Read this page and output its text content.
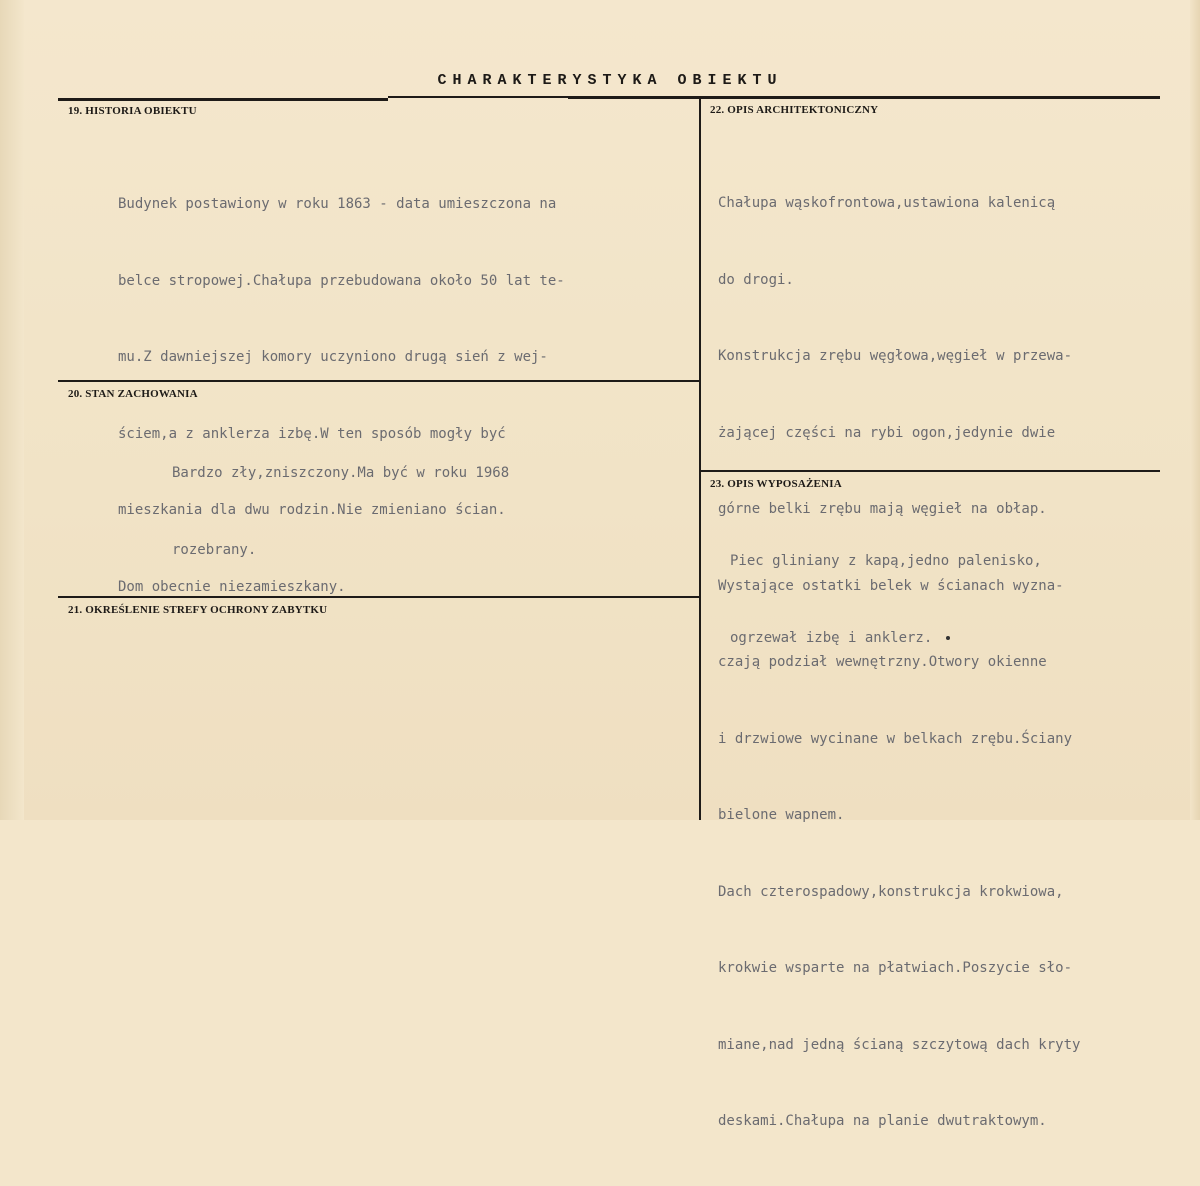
CHARAKTERYSTYKA OBIEKTU
19. HISTORIA OBIEKTU

Budynek postawiony w roku 1863 - data umieszczona na

belce stropowej.Chałupa przebudowana około 50 lat te-

mu.Z dawniejszej komory uczyniono drugą sień z wej-

ściem,a z anklerza izbę.W ten sposób mogły być

mieszkania dla dwu rodzin.Nie zmieniano ścian.

Dom obecnie niezamieszkany.

20. STAN ZACHOWANIA

Bardzo zły,zniszczony.Ma być w roku 1968

rozebrany.

21. OKREŚLENIE STREFY OCHRONY ZABYTKU
22. OPIS ARCHITEKTONICZNY

Chałupa wąskofrontowa,ustawiona kalenicą

do drogi.

Konstrukcja zrębu węgłowa,węgieł w przewa-

żającej części na rybi ogon,jedynie dwie

górne belki zrębu mają węgieł na obłap.

Wystające ostatki belek w ścianach wyzna-

czają podział wewnętrzny.Otwory okienne

i drzwiowe wycinane w belkach zrębu.Ściany

bielone wapnem.

Dach czterospadowy,konstrukcja krokwiowa,

krokwie wsparte na płatwiach.Poszycie sło-

miane,nad jedną ścianą szczytową dach kryty

deskami.Chałupa na planie dwutraktowym.

23. OPIS WYPOSAŻENIA

Piec gliniany z kapą,jedno palenisko,

ogrzewał izbę i anklerz.
